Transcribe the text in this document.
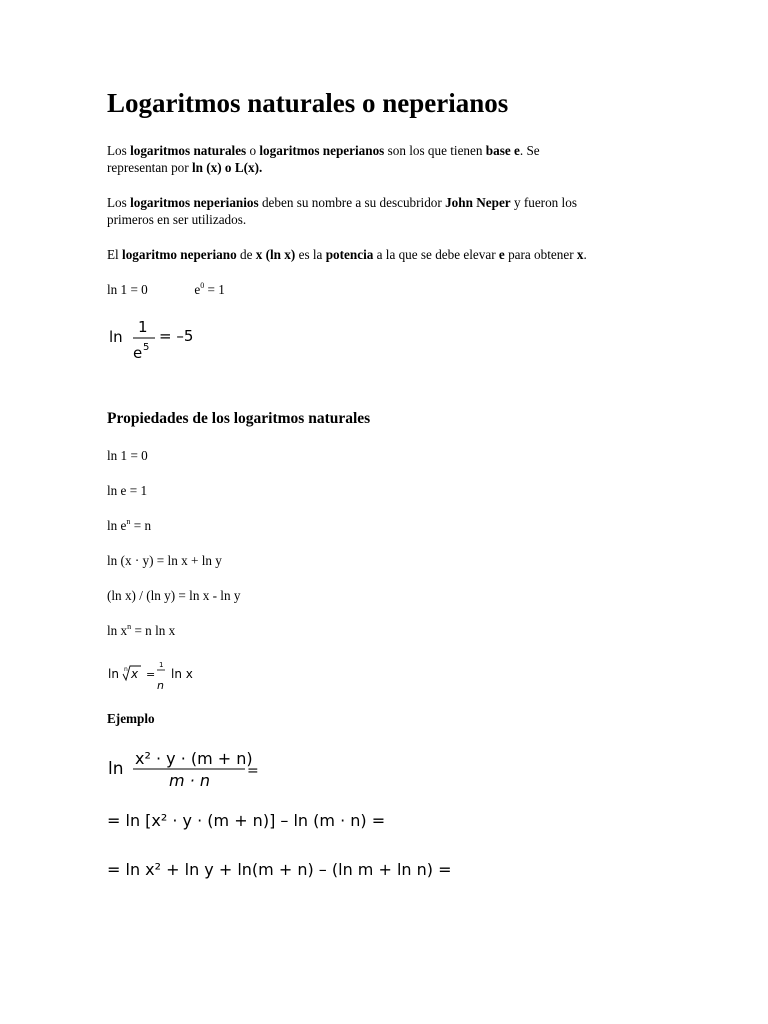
Logaritmos naturales o neperianos
Los logaritmos naturales o logaritmos neperianos son los que tienen base e. Se
representan por ln (x) o L(x).
Los logaritmos neperianios deben su nombre a su descubridor John Neper y fueron los
primeros en ser utilizados.
El logaritmo neperiano de x (ln x) es la potencia a la que se debe elevar e para obtener x.
ln 1 = 0	$e^0 = 1$
ln
1
e 5
= –5
Propiedades de los logaritmos naturales
ln 1 = 0
ln e = 1
$\ln e^n = n$
ln (x · y) = ln x + ln y
(ln x) / (ln y) = ln x - ln y
$\ln x^n = n$ ln x
ln n x =
1
n
ln x
Ejemplo
ln
x² · y · (m + n)
m · n	=
= ln [x² · y · (m + n)] – ln (m · n) =
= ln x² + ln y + ln(m + n) – (ln m + ln n) =
